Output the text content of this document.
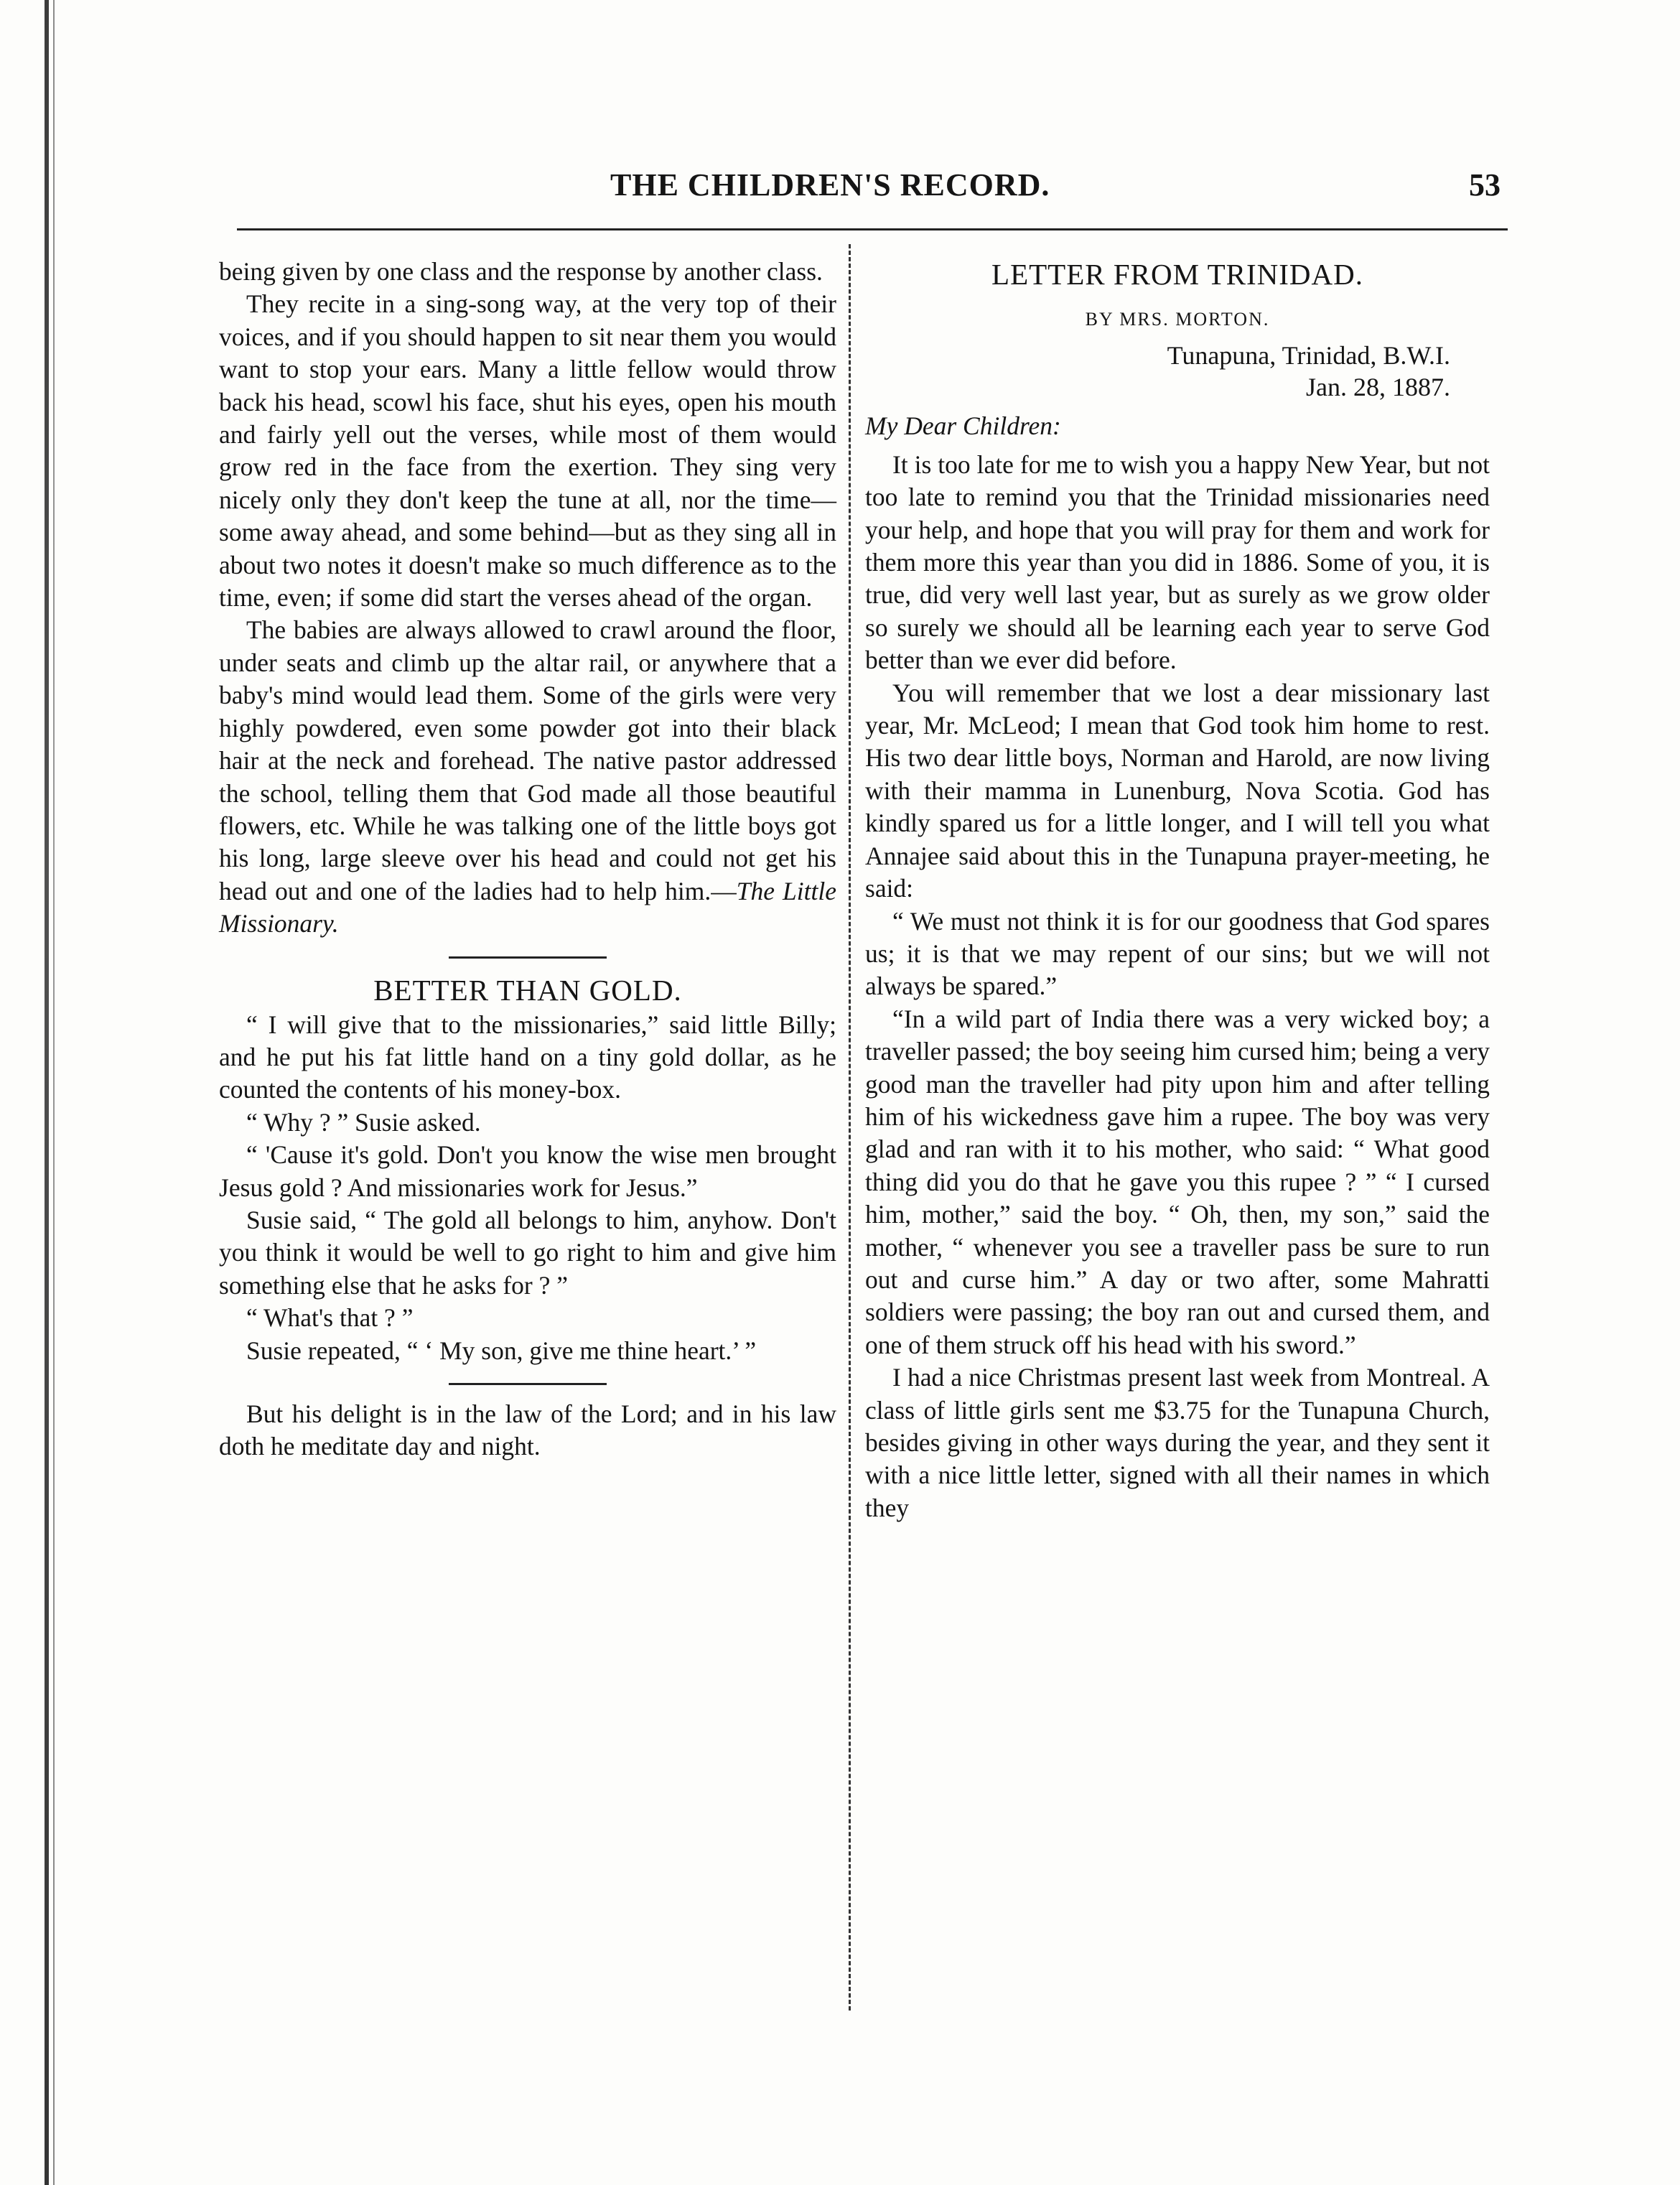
THE CHILDREN'S RECORD.	53

being given by one class and the response by another class.

They recite in a sing-song way, at the very top of their voices, and if you should happen to sit near them you would want to stop your ears. Many a little fellow would throw back his head, scowl his face, shut his eyes, open his mouth and fairly yell out the verses, while most of them would grow red in the face from the exertion. They sing very nicely only they don't keep the tune at all, nor the time—some away ahead, and some behind—but as they sing all in about two notes it doesn't make so much difference as to the time, even; if some did start the verses ahead of the organ.

The babies are always allowed to crawl around the floor, under seats and climb up the altar rail, or anywhere that a baby's mind would lead them. Some of the girls were very highly powdered, even some powder got into their black hair at the neck and forehead. The native pastor addressed the school, telling them that God made all those beautiful flowers, etc. While he was talking one of the little boys got his long, large sleeve over his head and could not get his head out and one of the ladies had to help him.—The Little Missionary.

BETTER THAN GOLD.

“ I will give that to the missionaries,” said little Billy; and he put his fat little hand on a tiny gold dollar, as he counted the contents of his money-box.

“ Why ? ” Susie asked.

“ 'Cause it's gold. Don't you know the wise men brought Jesus gold ? And missionaries work for Jesus.”

Susie said, “ The gold all belongs to him, anyhow. Don't you think it would be well to go right to him and give him something else that he asks for ? ”

“ What's that ? ”

Susie repeated, “ ‘ My son, give me thine heart.’ ”

But his delight is in the law of the Lord; and in his law doth he meditate day and night.

LETTER FROM TRINIDAD.
BY MRS. MORTON.
Tunapuna, Trinidad, B.W.I.
Jan. 28, 1887.
My Dear Children:

It is too late for me to wish you a happy New Year, but not too late to remind you that the Trinidad missionaries need your help, and hope that you will pray for them and work for them more this year than you did in 1886. Some of you, it is true, did very well last year, but as surely as we grow older so surely we should all be learning each year to serve God better than we ever did before.

You will remember that we lost a dear missionary last year, Mr. McLeod; I mean that God took him home to rest. His two dear little boys, Norman and Harold, are now living with their mamma in Lunenburg, Nova Scotia. God has kindly spared us for a little longer, and I will tell you what Annajee said about this in the Tunapuna prayer-meeting, he said:

“ We must not think it is for our goodness that God spares us; it is that we may repent of our sins; but we will not always be spared.”

“In a wild part of India there was a very wicked boy; a traveller passed; the boy seeing him cursed him; being a very good man the traveller had pity upon him and after telling him of his wickedness gave him a rupee. The boy was very glad and ran with it to his mother, who said: “ What good thing did you do that he gave you this rupee ? ” “ I cursed him, mother,” said the boy. “ Oh, then, my son,” said the mother, “ whenever you see a traveller pass be sure to run out and curse him.” A day or two after, some Mahratti soldiers were passing; the boy ran out and cursed them, and one of them struck off his head with his sword.”

I had a nice Christmas present last week from Montreal. A class of little girls sent me $3.75 for the Tunapuna Church, besides giving in other ways during the year, and they sent it with a nice little letter, signed with all their names in which they
